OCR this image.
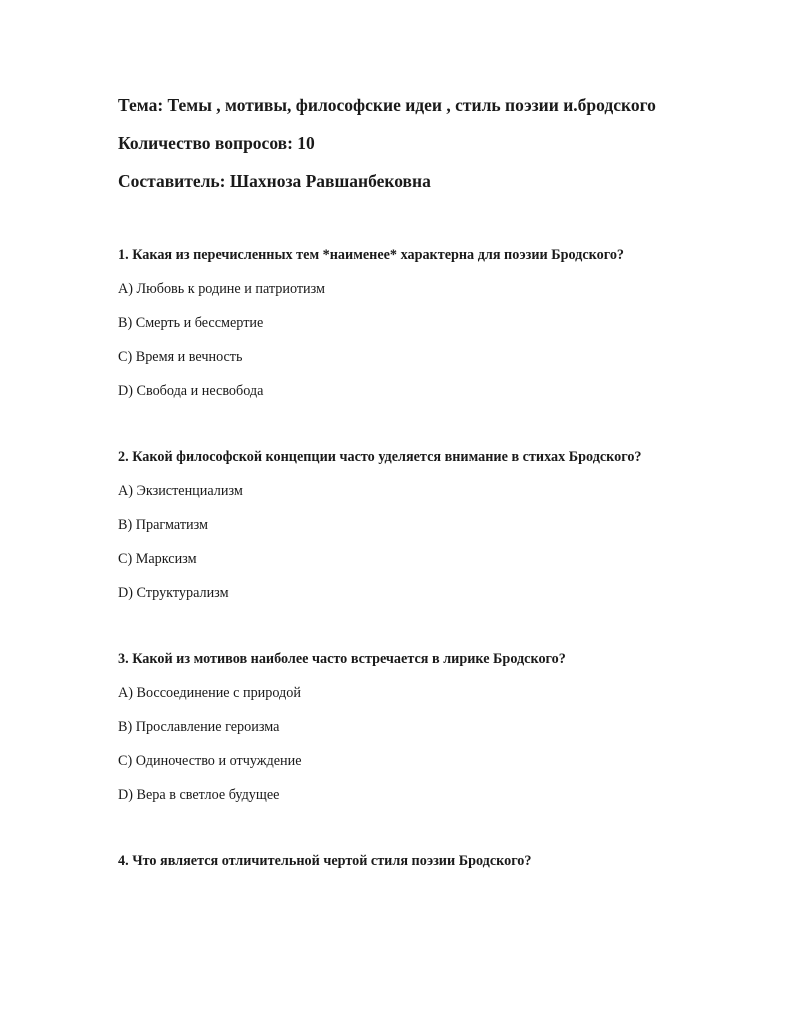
Тема: Темы , мотивы, философские идеи , стиль поэзии и.бродского

Количество вопросов: 10

Составитель: Шахноза Равшанбековна

1. Какая из перечисленных тем *наименее* характерна для поэзии Бродского?

A) Любовь к родине и патриотизм
B) Смерть и бессмертие
C) Время и вечность
D) Свобода и несвобода

2. Какой философской концепции часто уделяется внимание в стихах Бродского?

A) Экзистенциализм
B) Прагматизм
C) Марксизм
D) Структурализм

3. Какой из мотивов наиболее часто встречается в лирике Бродского?

A) Воссоединение с природой
B) Прославление героизма
C) Одиночество и отчуждение
D) Вера в светлое будущее

4. Что является отличительной чертой стиля поэзии Бродского?
